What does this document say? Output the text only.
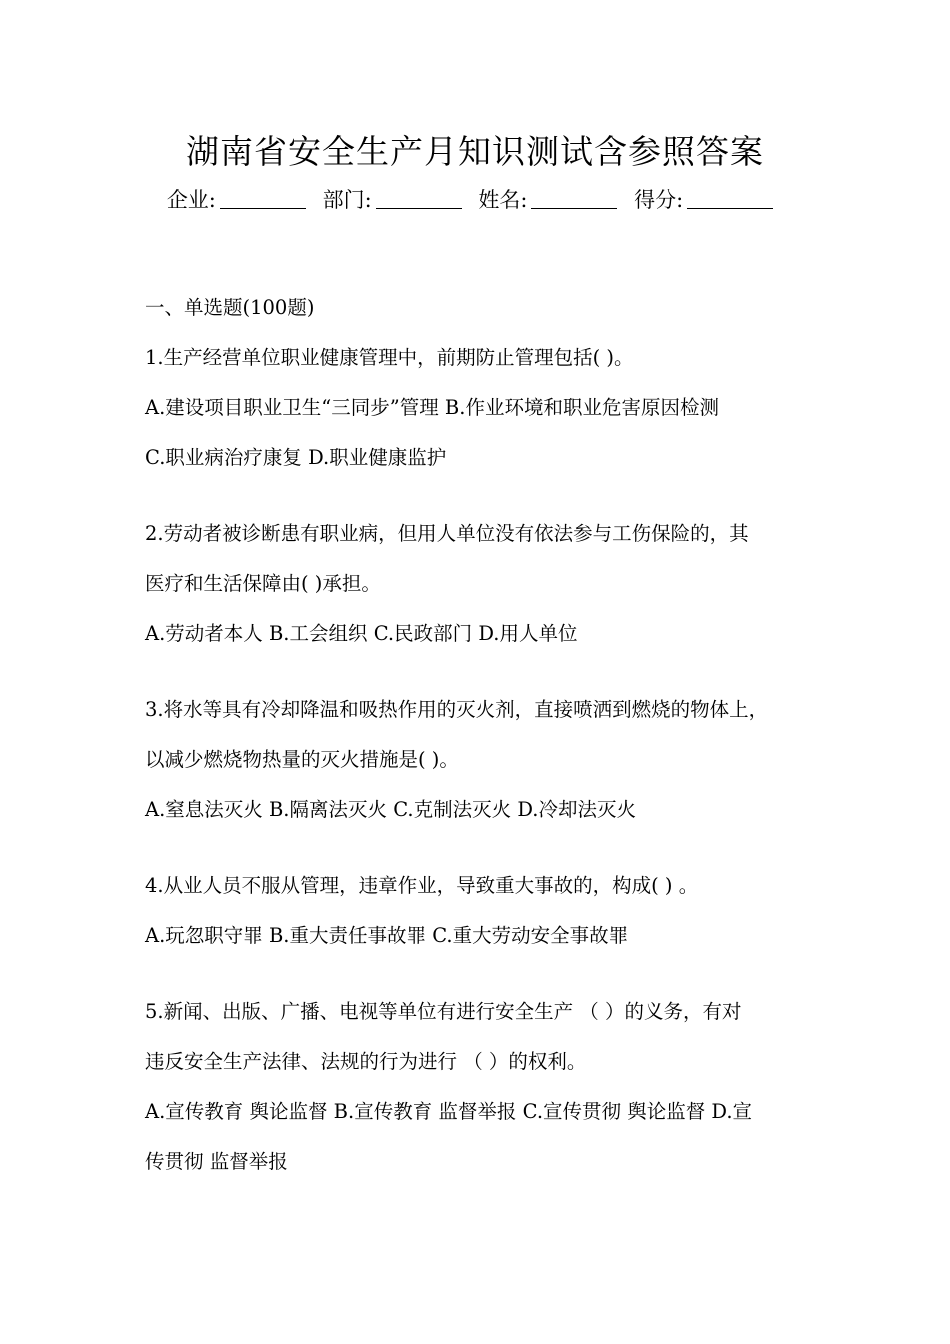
湖南省安全生产月知识测试含参照答案
企业:	部门:	姓名:	得分:
一、单选题(100题)
1.生产经营单位职业健康管理中，前期防止管理包括( )。
A.建设项目职业卫生“三同步”管理 B.作业环境和职业危害原因检测
C.职业病治疗康复 D.职业健康监护
2.劳动者被诊断患有职业病，但用人单位没有依法参与工伤保险的，其
医疗和生活保障由( )承担。
A.劳动者本人 B.工会组织 C.民政部门 D.用人单位
3.将水等具有冷却降温和吸热作用的灭火剂，直接喷洒到燃烧的物体上，
以减少燃烧物热量的灭火措施是( )。
A.窒息法灭火 B.隔离法灭火 C.克制法灭火 D.冷却法灭火
4.从业人员不服从管理，违章作业，导致重大事故的，构成( ) 。
A.玩忽职守罪 B.重大责任事故罪 C.重大劳动安全事故罪
5.新闻、出版、广播、电视等单位有进行安全生产 （ ）的义务，有对
违反安全生产法律、法规的行为进行 （ ）的权利。
A.宣传教育 舆论监督 B.宣传教育 监督举报 C.宣传贯彻 舆论监督 D.宣
传贯彻 监督举报
